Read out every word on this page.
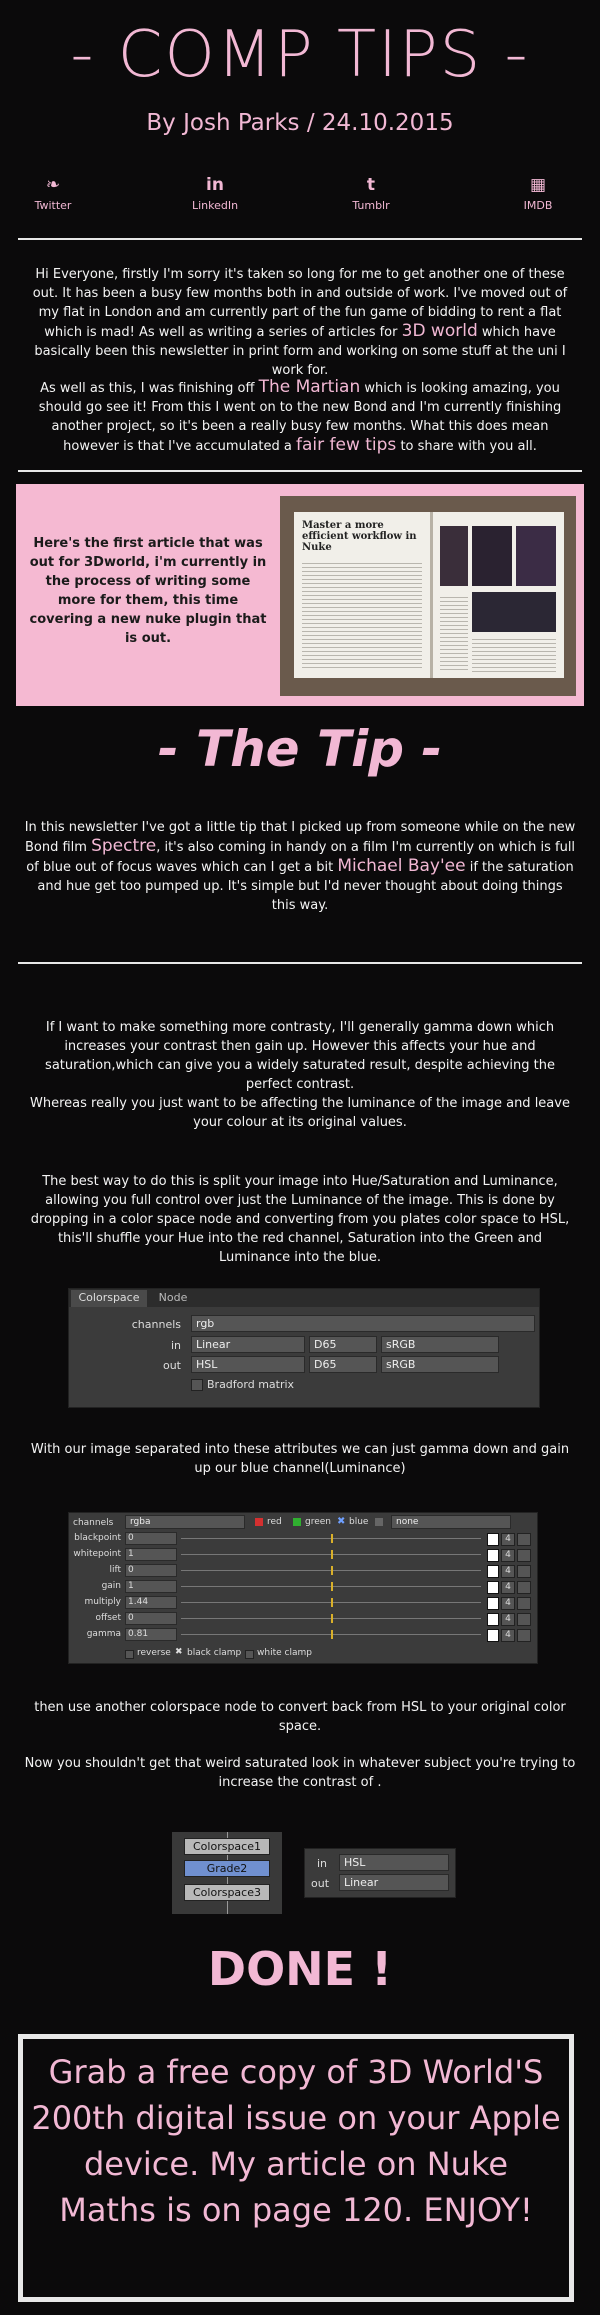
- COMP TIPS -
By Josh Parks / 24.10.2015
❧
Twitter
in
LinkedIn
t
Tumblr
▦
IMDB
Hi Everyone, firstly I'm sorry it's taken so long for me to get another one of these out. It has been a busy few months both in and outside of work. I've moved out of my flat in London and am currently part of the fun game of bidding to rent a flat which is mad! As well as writing a series of articles for 3D world which have basically been this newsletter in print form and working on some stuff at the uni I work for.
As well as this, I was finishing off The Martian which is looking amazing, you should go see it! From this I went on to the new Bond and I'm currently finishing another project, so it's been a really busy few months. What this does mean however is that I've accumulated a fair few tips to share with you all.
Here's the first article that was out for 3Dworld, i'm currently in the process of writing some more for them, this time covering a new nuke plugin that is out.
Master a more efficient workflow in Nuke
- The Tip -
In this newsletter I've got a little tip that I picked up from someone while on the new Bond film Spectre, it's also coming in handy on a film I'm currently on which is full of blue out of focus waves which can I get a bit Michael Bay'ee if the saturation and hue get too pumped up. It's simple but I'd never thought about doing things this way.
If I want to make something more contrasty, I'll generally gamma down which increases your contrast then gain up. However this affects your hue and saturation,which can give you a widely saturated result, despite achieving the perfect contrast.
Whereas really you just want to be affecting the luminance of the image and leave your colour at its original values.
The best way to do this is split your image into Hue/Saturation and Luminance, allowing you full control over just the Luminance of the image. This is done by dropping in a color space node and converting from you plates color space to HSL, this'll shuffle your Hue into the red channel, Saturation into the Green and Luminance into the blue.
Colorspace	Node
channels	rgb
in	Linear	D65	sRGB
out	HSL	D65	sRGB
Bradford matrix
With our image separated into these attributes we can just gamma down and gain up our blue channel(Luminance)
channels	rgba	red	green ✖ blue	none
blackpoint 0	4
whitepoint 1	4
lift 0	4
gain 1	4
multiply 1.44	4
offset 0	4
gamma 0.81	4
reverse ✖ black clamp white clamp
then use another colorspace node to convert back from HSL to your original color space.
Now you shouldn't get that weird saturated look in whatever subject you're trying to increase the contrast of .
Colorspace1
Grade2
Colorspace3
in	HSL
out	Linear
DONE !
Grab a free copy of 3D World'S 200th digital issue on your Apple device. My article on Nuke Maths is on page 120. ENJOY!
